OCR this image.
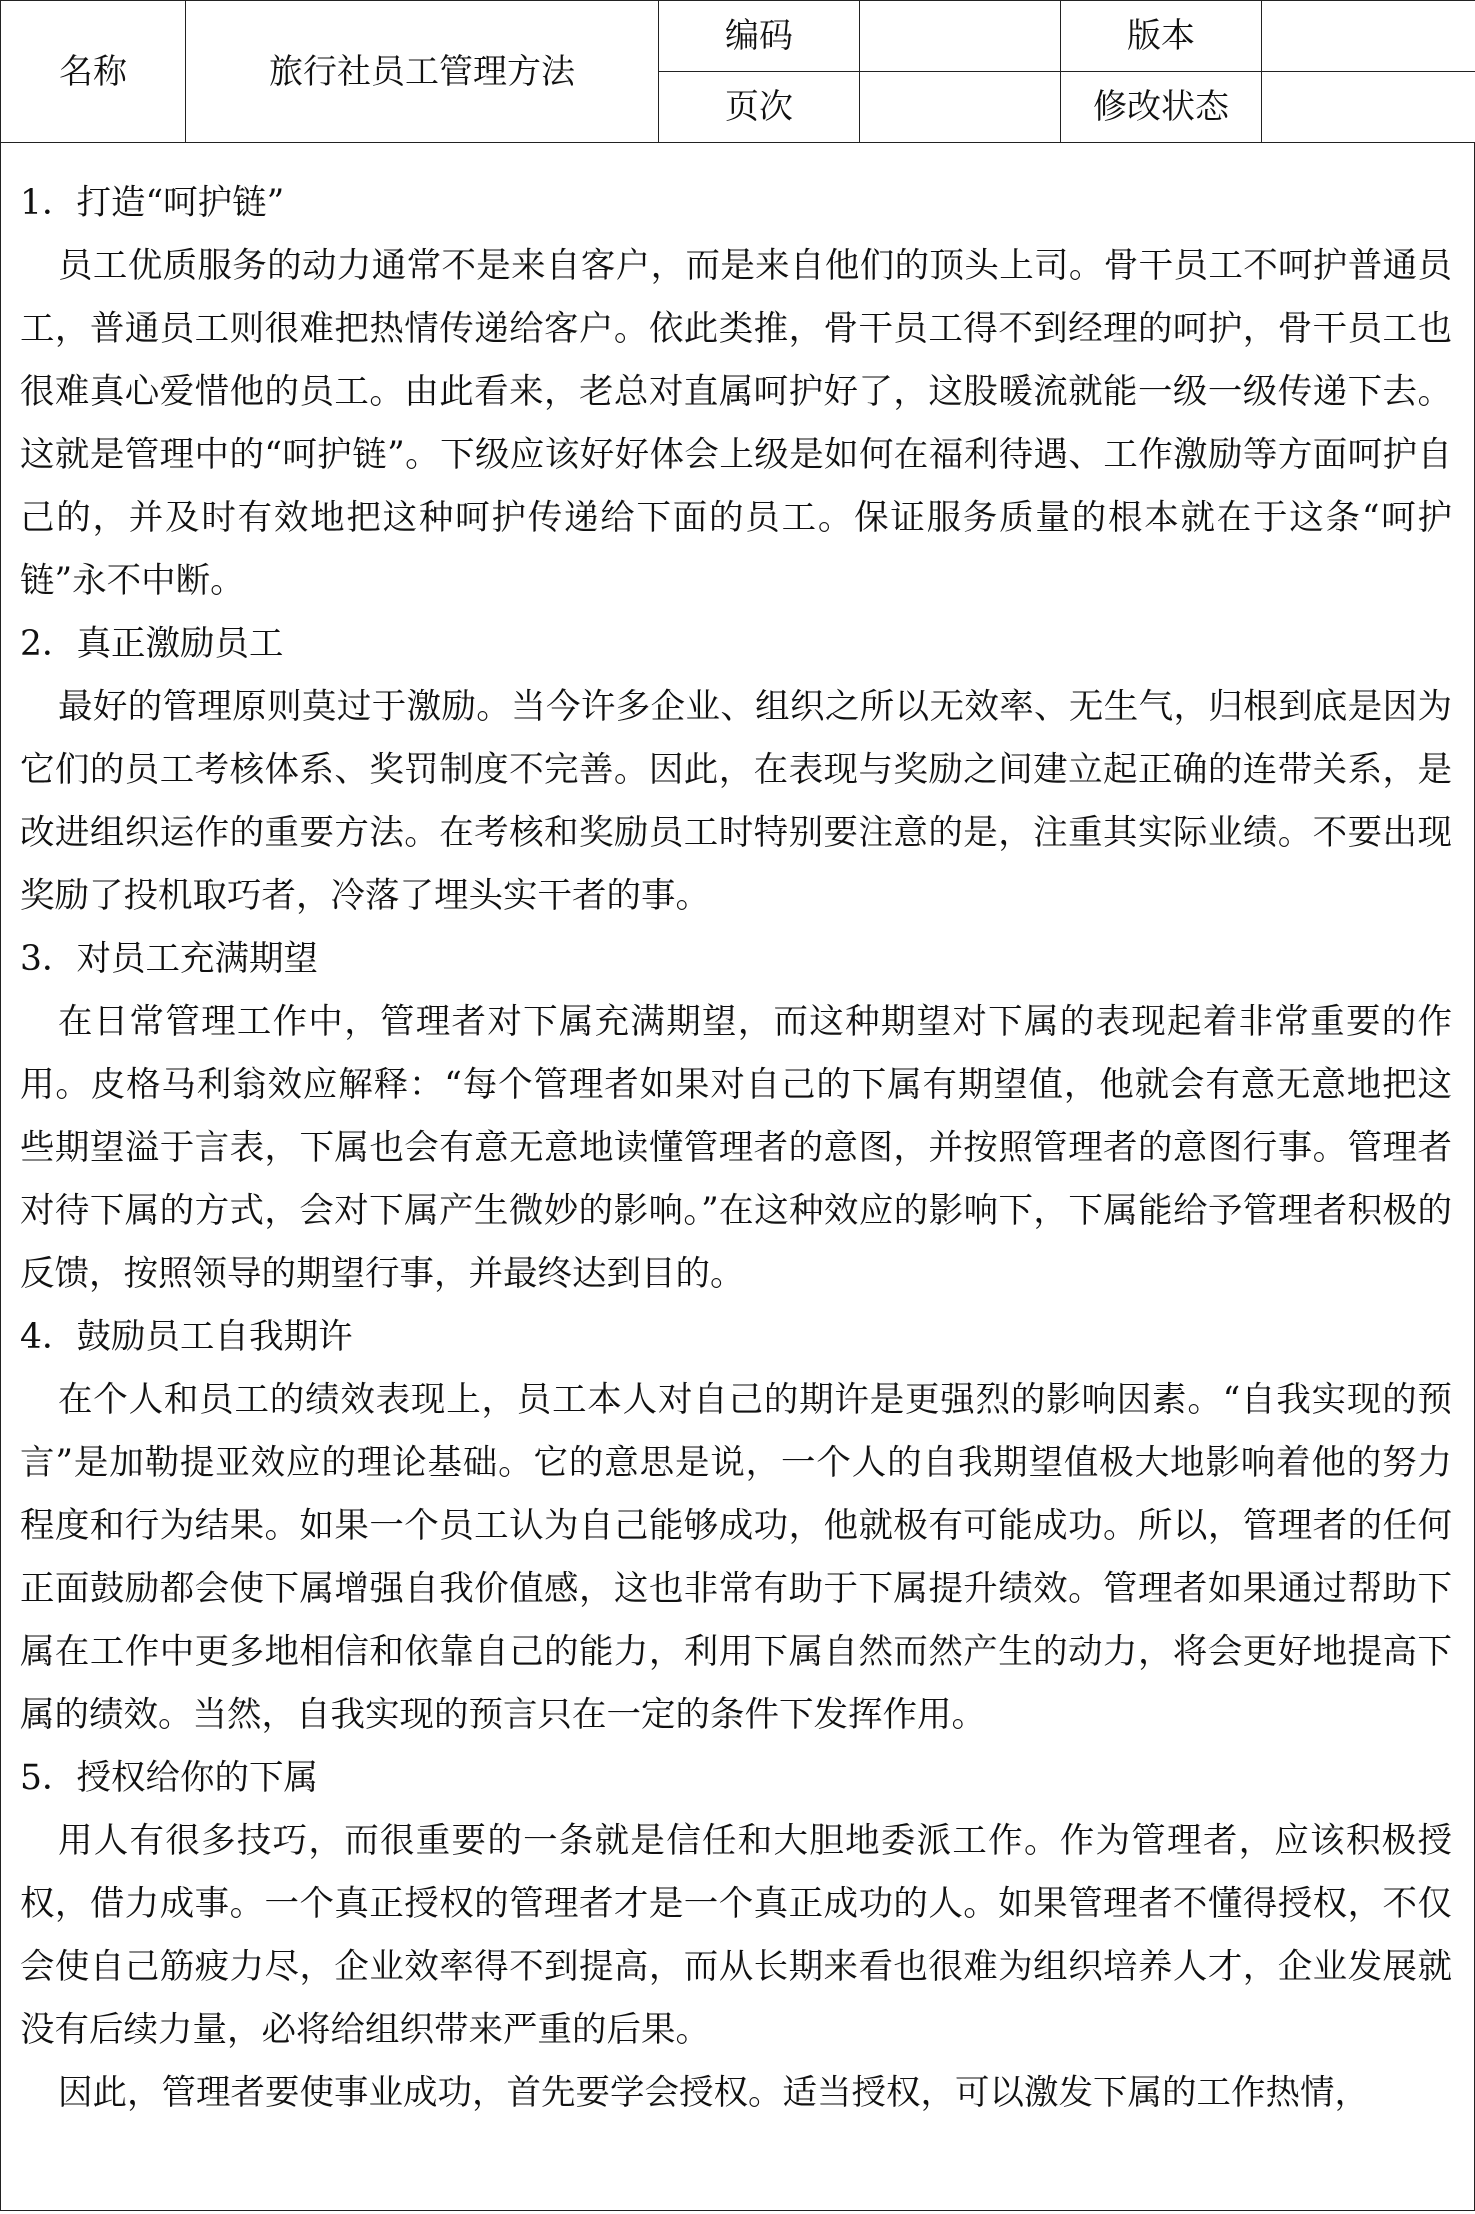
名称	旅行社员工管理方法	编码		版本	
		页次		修改状态	

1．打造“呵护链”

员工优质服务的动力通常不是来自客户，而是来自他们的顶头上司。骨干员工不呵护普通员工，普通员工则很难把热情传递给客户。依此类推，骨干员工得不到经理的呵护，骨干员工也很难真心爱惜他的员工。由此看来，老总对直属呵护好了，这股暖流就能一级一级传递下去。这就是管理中的“呵护链”。下级应该好好体会上级是如何在福利待遇、工作激励等方面呵护自己的，并及时有效地把这种呵护传递给下面的员工。保证服务质量的根本就在于这条“呵护链”永不中断。

2．真正激励员工

最好的管理原则莫过于激励。当今许多企业、组织之所以无效率、无生气，归根到底是因为它们的员工考核体系、奖罚制度不完善。因此，在表现与奖励之间建立起正确的连带关系，是改进组织运作的重要方法。在考核和奖励员工时特别要注意的是，注重其实际业绩。不要出现奖励了投机取巧者，冷落了埋头实干者的事。

3．对员工充满期望

在日常管理工作中，管理者对下属充满期望，而这种期望对下属的表现起着非常重要的作用。皮格马利翁效应解释：“每个管理者如果对自己的下属有期望值，他就会有意无意地把这些期望溢于言表，下属也会有意无意地读懂管理者的意图，并按照管理者的意图行事。管理者对待下属的方式，会对下属产生微妙的影响。”在这种效应的影响下，下属能给予管理者积极的反馈，按照领导的期望行事，并最终达到目的。

4．鼓励员工自我期许

在个人和员工的绩效表现上，员工本人对自己的期许是更强烈的影响因素。“自我实现的预言”是加勒提亚效应的理论基础。它的意思是说，一个人的自我期望值极大地影响着他的努力程度和行为结果。如果一个员工认为自己能够成功，他就极有可能成功。所以，管理者的任何正面鼓励都会使下属增强自我价值感，这也非常有助于下属提升绩效。管理者如果通过帮助下属在工作中更多地相信和依靠自己的能力，利用下属自然而然产生的动力，将会更好地提高下属的绩效。当然，自我实现的预言只在一定的条件下发挥作用。

5．授权给你的下属

用人有很多技巧，而很重要的一条就是信任和大胆地委派工作。作为管理者，应该积极授权，借力成事。一个真正授权的管理者才是一个真正成功的人。如果管理者不懂得授权，不仅会使自己筋疲力尽，企业效率得不到提高，而从长期来看也很难为组织培养人才，企业发展就没有后续力量，必将给组织带来严重的后果。

因此，管理者要使事业成功，首先要学会授权。适当授权，可以激发下属的工作热情，
